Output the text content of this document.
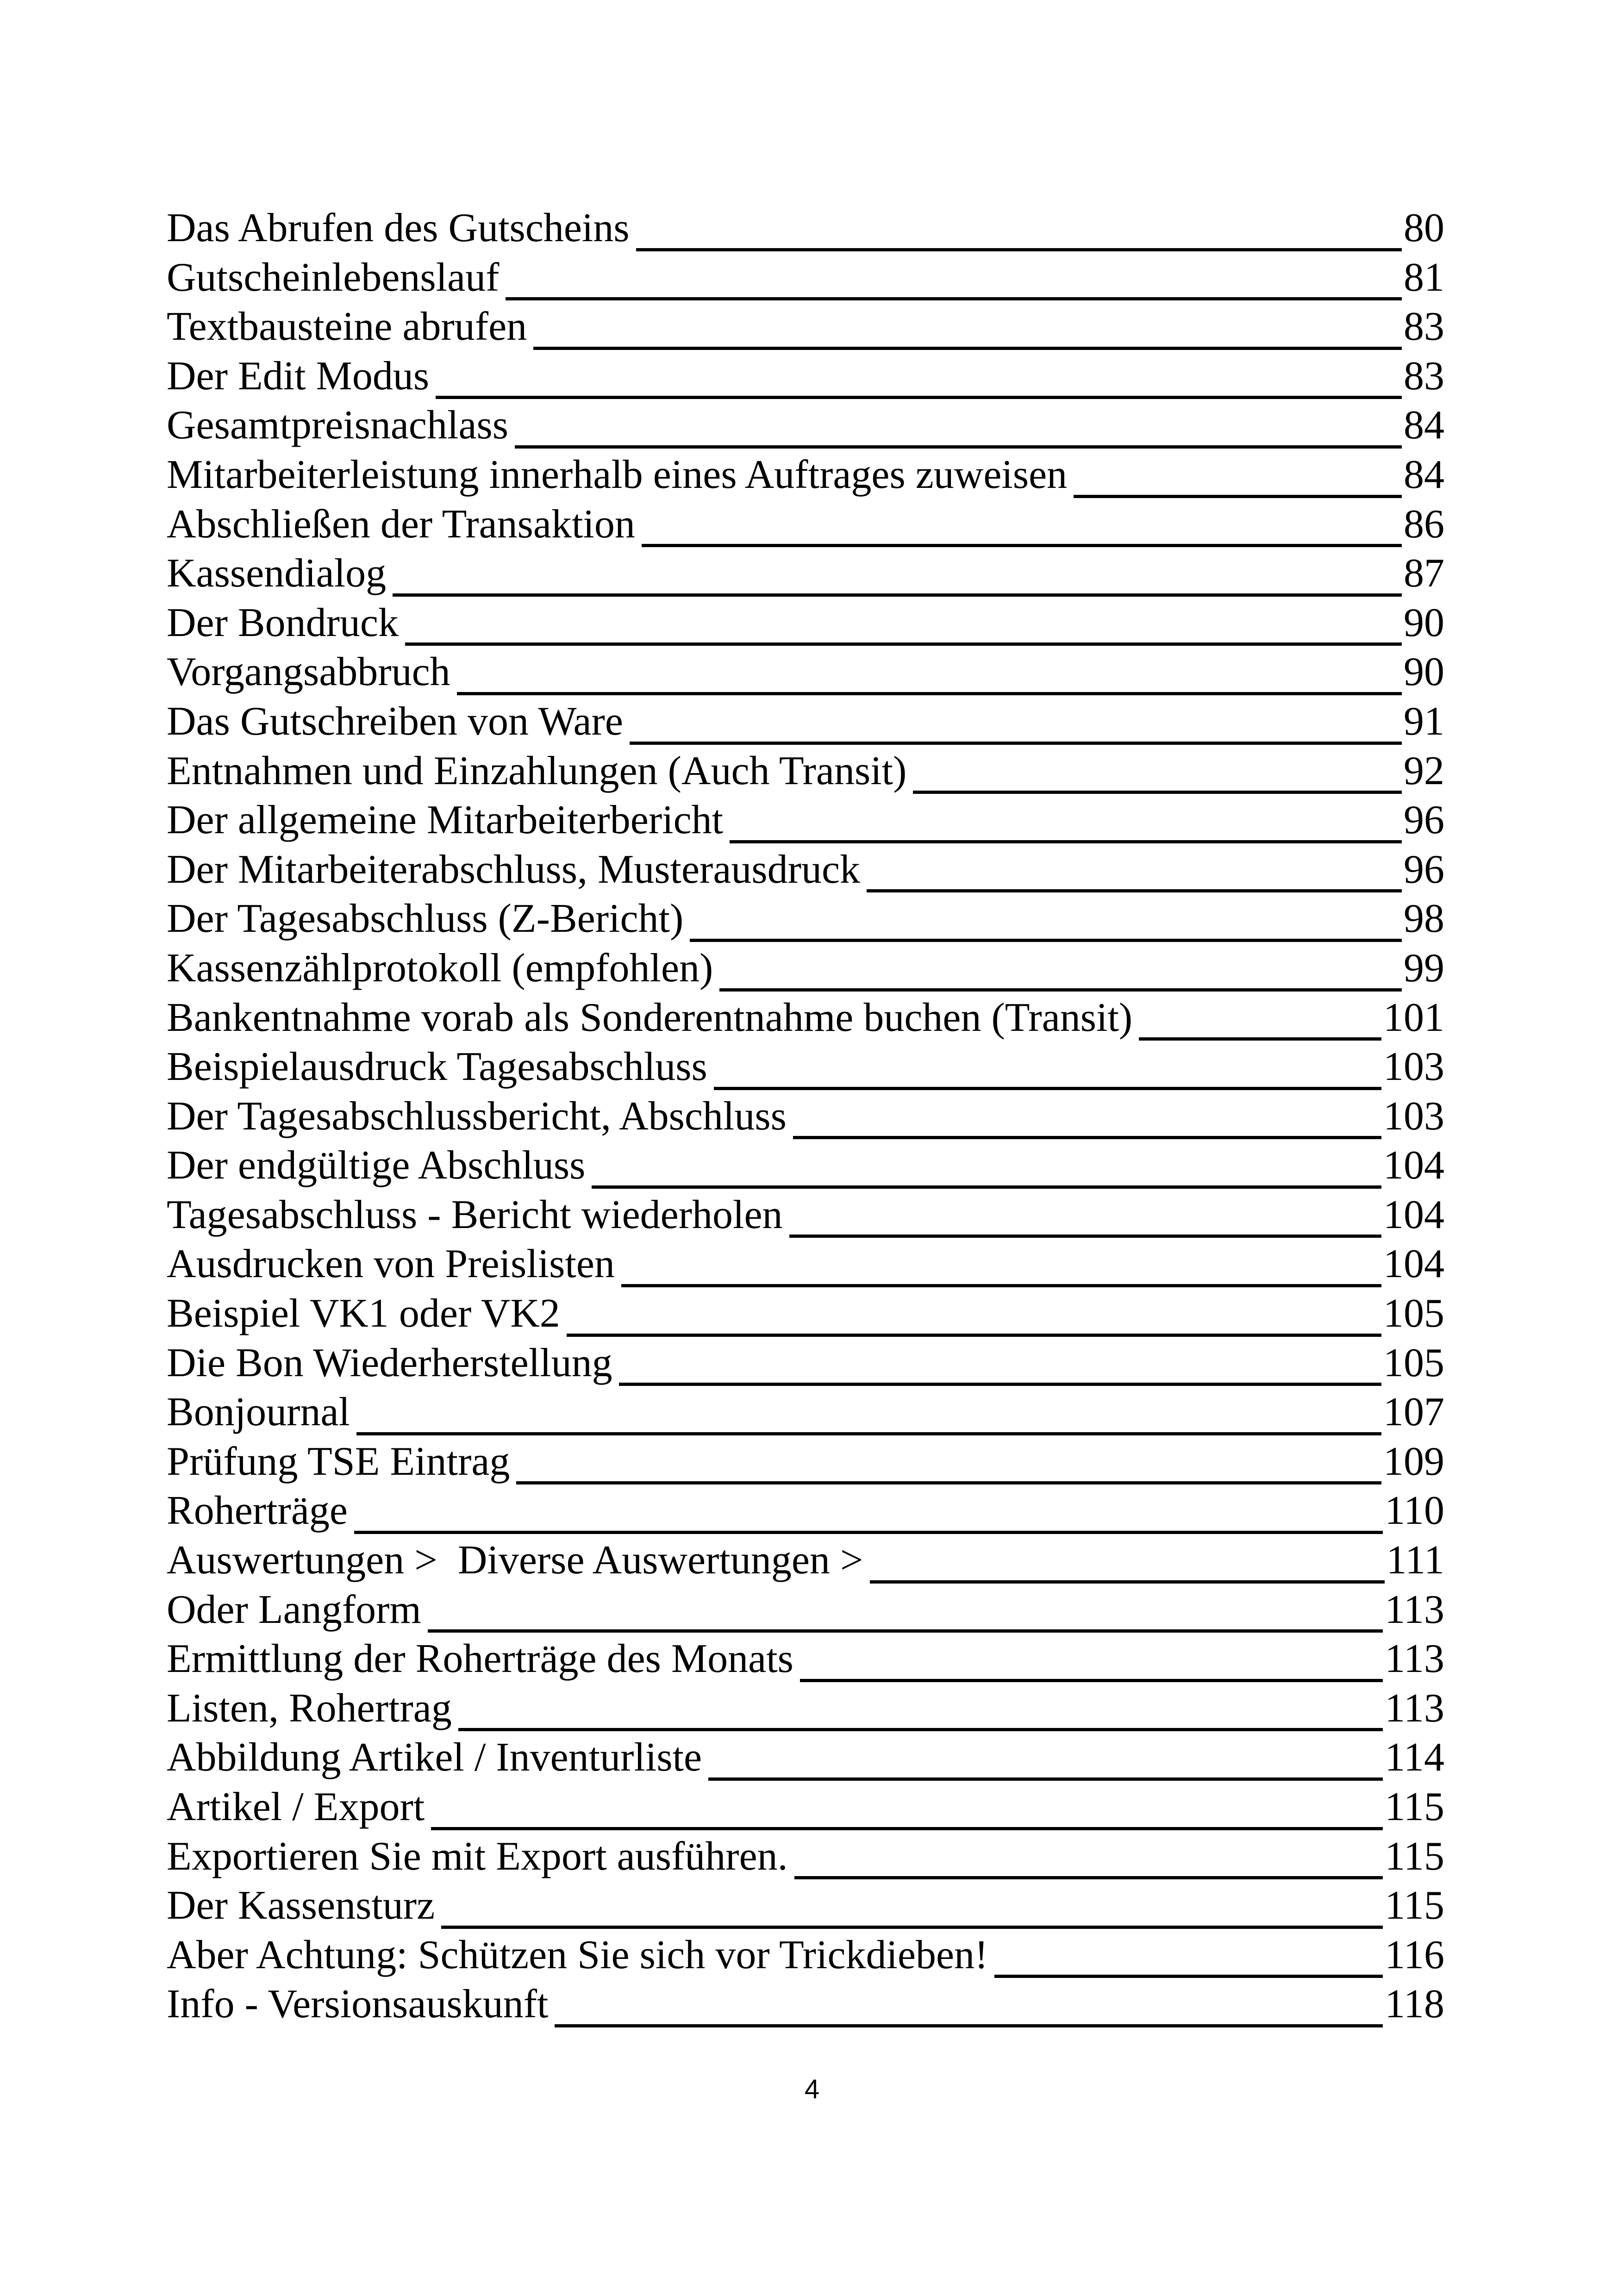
Das Abrufen des Gutscheins	80
Gutscheinlebenslauf	81
Textbausteine abrufen	83
Der Edit Modus	83
Gesamtpreisnachlass	84
Mitarbeiterleistung innerhalb eines Auftrages zuweisen	84
Abschließen der Transaktion	86
Kassendialog	87
Der Bondruck	90
Vorgangsabbruch	90
Das Gutschreiben von Ware	91
Entnahmen und Einzahlungen (Auch Transit)	92
Der allgemeine Mitarbeiterbericht	96
Der Mitarbeiterabschluss, Musterausdruck	96
Der Tagesabschluss (Z-Bericht)	98
Kassenzählprotokoll (empfohlen)	99
Bankentnahme vorab als Sonderentnahme buchen (Transit)	101
Beispielausdruck Tagesabschluss	103
Der Tagesabschlussbericht, Abschluss	103
Der endgültige Abschluss	104
Tagesabschluss - Bericht wiederholen	104
Ausdrucken von Preislisten	104
Beispiel VK1 oder VK2	105
Die Bon Wiederherstellung	105
Bonjournal	107
Prüfung TSE Eintrag	109
Roherträge	110
Auswertungen >  Diverse Auswertungen >	111
Oder Langform	113
Ermittlung der Roherträge des Monats	113
Listen, Rohertrag	113
Abbildung Artikel / Inventurliste	114
Artikel / Export	115
Exportieren Sie mit Export ausführen.	115
Der Kassensturz	115
Aber Achtung: Schützen Sie sich vor Trickdieben!	116
Info - Versionsauskunft	118
4
